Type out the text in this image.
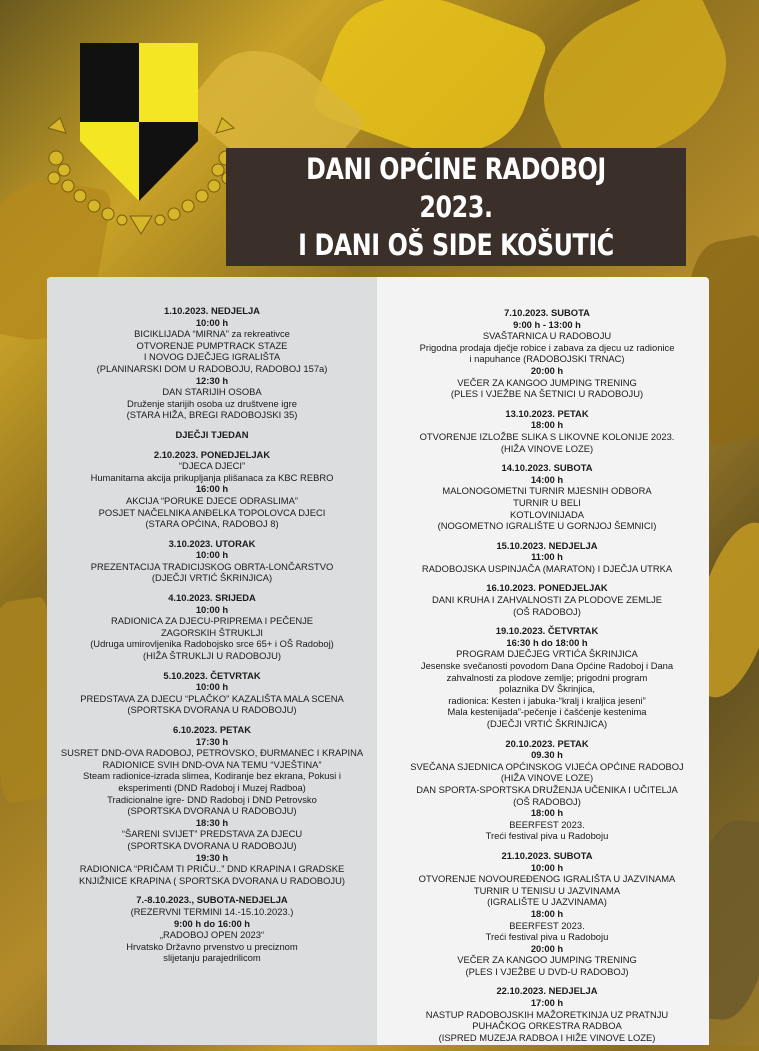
DANI OPĆINE RADOBOJ 2023.
I DANI OŠ SIDE KOŠUTIĆ
1.10.2023. NEDJELJA
10:00 h
BICIKLIJADA “MIRNA” za rekreativce
OTVORENJE PUMPTRACK STAZE
I NOVOG DJEČJEG IGRALIŠTA
(PLANINARSKI DOM U RADOBOJU, RADOBOJ 157a)
12:30 h
DAN STARIJIH OSOBA
Druženje starijih osoba uz društvene igre
(STARA HIŽA, BREGI RADOBOJSKI 35)
DJEČJI TJEDAN
2.10.2023. PONEDJELJAK
“DJECA DJECI”
Humanitarna akcija prikupljanja plišanaca za KBC REBRO
16:00 h
AKCIJA “PORUKE DJECE ODRASLIMA”
POSJET NAČELNIKA ANĐELKA TOPOLOVCA DJECI
(STARA OPĆINA, RADOBOJ 8)
3.10.2023. UTORAK
10:00 h
PREZENTACIJA TRADICIJSKOG OBRTA-LONČARSTVO
(DJEČJI VRTIĆ ŠKRINJICA)
4.10.2023. SRIJEDA
10:00 h
RADIONICA ZA DJECU-PRIPREMA I PEČENJE
ZAGORSKIH ŠTRUKLJI
(Udruga umirovljenika Radobojsko srce 65+ i OŠ Radoboj)
(HIŽA ŠTRUKLJI U RADOBOJU)
5.10.2023. ČETVRTAK
10:00 h
PREDSTAVA ZA DJECU “PLAČKO” KAZALIŠTA MALA SCENA
(SPORTSKA DVORANA U RADOBOJU)
6.10.2023. PETAK
17:30 h
SUSRET DND-OVA RADOBOJ, PETROVSKO, ĐURMANEC I KRAPINA
RADIONICE SVIH DND-OVA NA TEMU “VJEŠTINA”
Steam radionice-izrada slimea, Kodiranje bez ekrana, Pokusi i
eksperimenti (DND Radoboj i Muzej Radboa)
Tradicionalne igre- DND Radoboj i DND Petrovsko
(SPORTSKA DVORANA U RADOBOJU)
18:30 h
“ŠARENI SVIJET” PREDSTAVA ZA DJECU
(SPORTSKA DVORANA U RADOBOJU)
19:30 h
RADIONICA “PRIČAM TI PRIČU..” DND KRAPINA I GRADSKE
KNJIŽNICE KRAPINA ( SPORTSKA DVORANA U RADOBOJU)
7.-8.10.2023., SUBOTA-NEDJELJA
(REZERVNI TERMINI 14.-15.10.2023.)
9:00 h do 16:00 h
„RADOBOJ OPEN 2023“
Hrvatsko Državno prvenstvo u preciznom
slijetanju parajedrilicom
7.10.2023. SUBOTA
9:00 h - 13:00 h
SVAŠTARNICA U RADOBOJU
Prigodna prodaja dječje robice i zabava za djecu uz radionice
i napuhance (RADOBOJSKI TRNAC)
20:00 h
VEČER ZA KANGOO JUMPING TRENING
(PLES I VJEŽBE NA ŠETNICI U RADOBOJU)
13.10.2023. PETAK
18:00 h
OTVORENJE IZLOŽBE SLIKA S LIKOVNE KOLONIJE 2023.
(HIŽA VINOVE LOZE)
14.10.2023. SUBOTA
14:00 h
MALONOGOMETNI TURNIR MJESNIH ODBORA
TURNIR U BELI
KOTLOVINIJADA
(NOGOMETNO IGRALIŠTE U GORNJOJ ŠEMNICI)
15.10.2023. NEDJELJA
11:00 h
RADOBOJSKA USPINJAČA (MARATON) I DJEČJA UTRKA
16.10.2023. PONEDJELJAK
DANI KRUHA I ZAHVALNOSTI ZA PLODOVE ZEMLJE
(OŠ RADOBOJ)
19.10.2023. ČETVRTAK
16:30 h do 18:00 h
PROGRAM DJEČJEG VRTIĆA ŠKRINJICA
Jesenske svečanosti povodom Dana Općine Radoboj i Dana
zahvalnosti za plodove zemlje; prigodni program
polaznika DV Škrinjica,
radionica: Kesten i jabuka-“kralj i kraljica jeseni”
Mala kestenijada”-pečenje i čašćenje kestenima
(DJEČJI VRTIĆ ŠKRINJICA)
20.10.2023. PETAK
09.30 h
SVEČANA SJEDNICA OPĆINSKOG VIJEĆA OPĆINE RADOBOJ
(HIŽA VINOVE LOZE)
DAN SPORTA-SPORTSKA DRUŽENJA UČENIKA I UČITELJA
(OŠ RADOBOJ)
18:00 h
BEERFEST 2023.
Treći festival piva u Radoboju
21.10.2023. SUBOTA
10:00 h
OTVORENJE NOVOUREĐENOG IGRALIŠTA U JAZVINAMA
TURNIR U TENISU U JAZVINAMA
(IGRALIŠTE U JAZVINAMA)
18:00 h
BEERFEST 2023.
Treći festival piva u Radoboju
20:00 h
VEČER ZA KANGOO JUMPING TRENING
(PLES I VJEŽBE U DVD-U RADOBOJ)
22.10.2023. NEDJELJA
17:00 h
NASTUP RADOBOJSKIH MAŽORETKINJA UZ PRATNJU
PUHAČKOG ORKESTRA RADBOA
(ISPRED MUZEJA RADBOA I HIŽE VINOVE LOZE)
